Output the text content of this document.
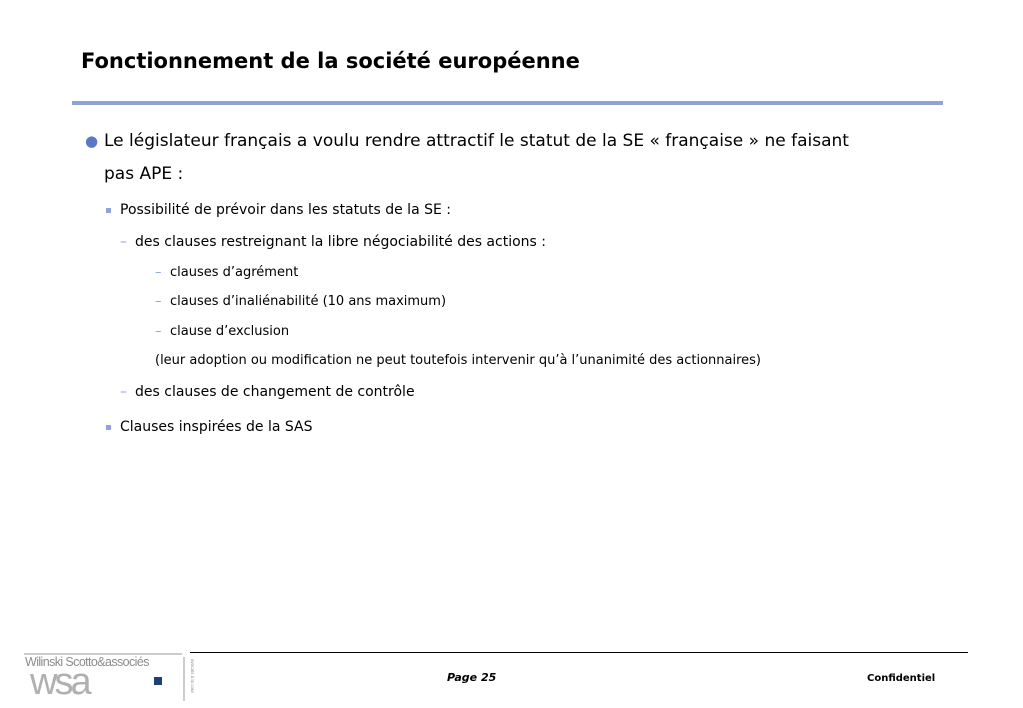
Fonctionnement de la société européenne
● Le législateur français a voulu rendre attractif le statut de la SE « française » ne faisant
pas APE :
Possibilité de prévoir dans les statuts de la SE :
– des clauses restreignant la libre négociabilité des actions :
– clauses d’agrément
– clauses d’inaliénabilité (10 ans maximum)
– clause d’exclusion
(leur adoption ou modification ne peut toutefois intervenir qu’à l’unanimité des actionnaires)
– des clauses de changement de contrôle
Clauses inspirées de la SAS
Wilinski Scotto&associés
wsa	avocats à la cour	Page 25	Confidentiel
